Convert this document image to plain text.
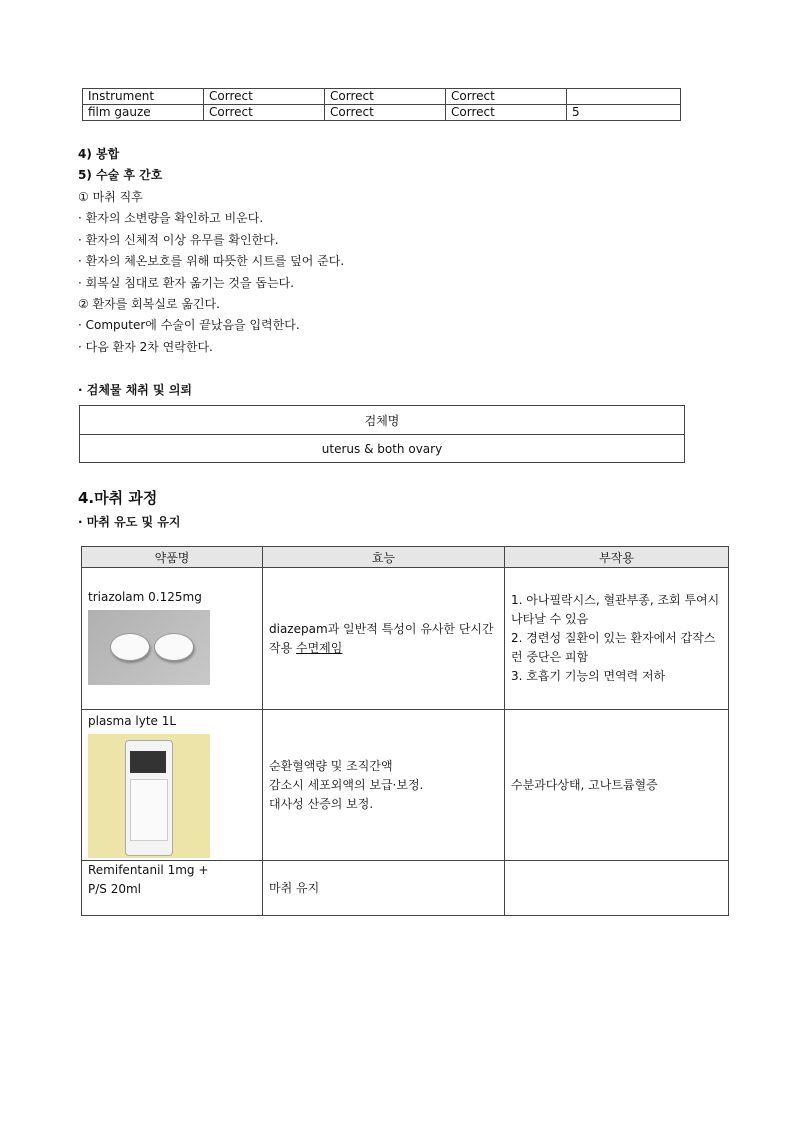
Instrument	Correct	Correct	Correct	
film gauze	Correct	Correct	Correct	5
4) 봉합
5) 수술 후 간호
① 마취 직후
· 환자의 소변량을 확인하고 비운다.
· 환자의 신체적 이상 유무를 확인한다.
· 환자의 체온보호를 위해 따뜻한 시트를 덮어 준다.
· 회복실 침대로 환자 옮기는 것을 돕는다.
② 환자를 회복실로 옮긴다.
· Computer에 수술이 끝났음을 입력한다.
· 다음 환자 2차 연락한다.
· 검체물 채취 및 의뢰
검체명
uterus & both ovary
4.마취 과정
· 마취 유도 및 유지
약품명	효능	부작용

triazolam 0.125mg	diazepam과 일반적 특성이 유사한 단시간 작용 수면제임	1. 아나필락시스, 혈관부종, 조회 투여시 나타날 수 있음
2. 경련성 질환이 있는 환자에서 갑작스런 중단은 피함
3. 호흡기 기능의 면역력 저하

plasma lyte 1L	순환혈액량 및 조직간액
감소시 세포외액의 보급·보정.
대사성 산증의 보정.	수분과다상태, 고나트륨혈증

Remifentanil 1mg +
P/S 20ml	마취 유지	
